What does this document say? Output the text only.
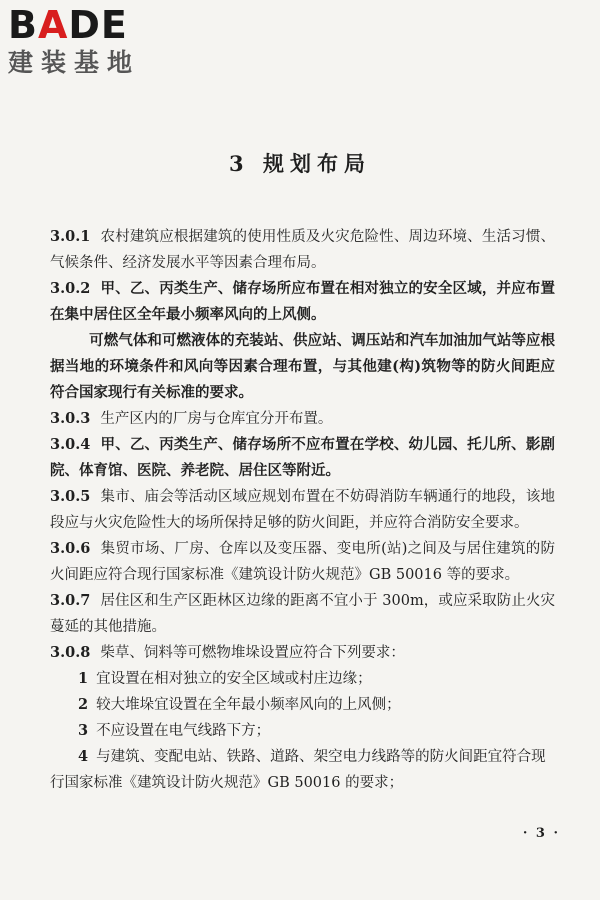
BADE
建装基地
3 规划布局

3.0.1 农村建筑应根据建筑的使用性质及火灾危险性、周边环境、生活习惯、气候条件、经济发展水平等因素合理布局。

3.0.2 甲、乙、丙类生产、储存场所应布置在相对独立的安全区域，并应布置在集中居住区全年最小频率风向的上风侧。

可燃气体和可燃液体的充装站、供应站、调压站和汽车加油加气站等应根据当地的环境条件和风向等因素合理布置，与其他建(构)筑物等的防火间距应符合国家现行有关标准的要求。

3.0.3 生产区内的厂房与仓库宜分开布置。

3.0.4 甲、乙、丙类生产、储存场所不应布置在学校、幼儿园、托儿所、影剧院、体育馆、医院、养老院、居住区等附近。

3.0.5 集市、庙会等活动区域应规划布置在不妨碍消防车辆通行的地段，该地段应与火灾危险性大的场所保持足够的防火间距，并应符合消防安全要求。

3.0.6 集贸市场、厂房、仓库以及变压器、变电所(站)之间及与居住建筑的防火间距应符合现行国家标准《建筑设计防火规范》GB 50016 等的要求。

3.0.7 居住区和生产区距林区边缘的距离不宜小于 300m，或应采取防止火灾蔓延的其他措施。

3.0.8 柴草、饲料等可燃物堆垛设置应符合下列要求：

1 宜设置在相对独立的安全区域或村庄边缘；

2 较大堆垛宜设置在全年最小频率风向的上风侧；

3 不应设置在电气线路下方；

4 与建筑、变配电站、铁路、道路、架空电力线路等的防火间距宜符合现行国家标准《建筑设计防火规范》GB 50016 的要求；

· 3 ·
